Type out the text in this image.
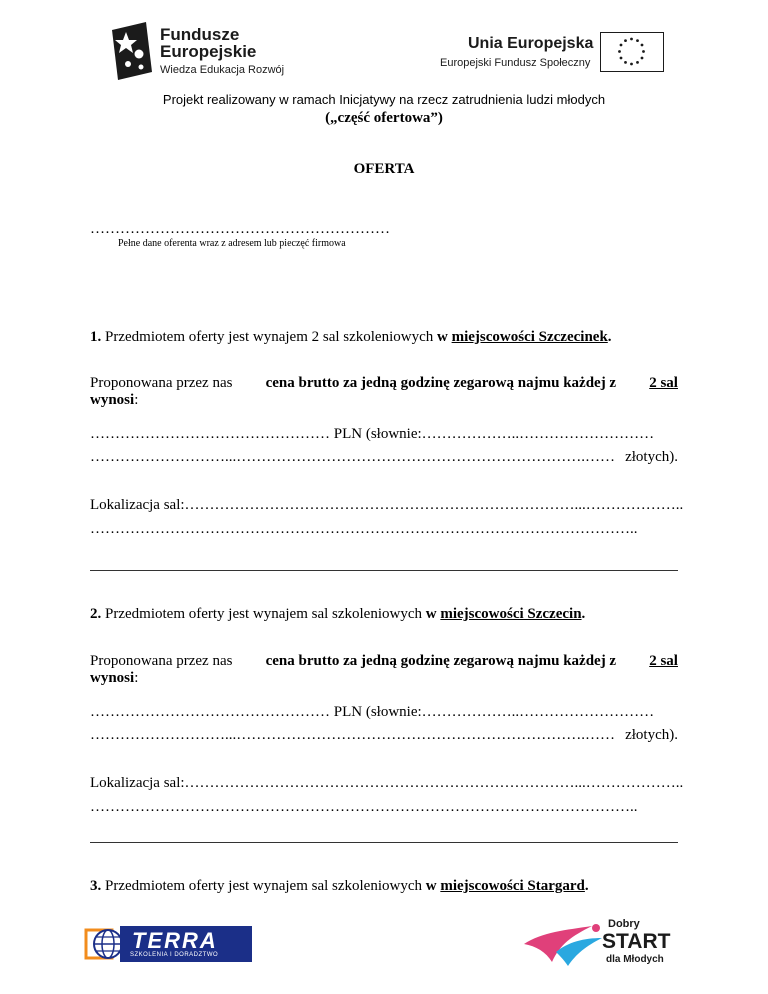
Fundusze
Europejskie
Wiedza Edukacja Rozwój
Unia Europejska
Europejski Fundusz Społeczny
Projekt realizowany w ramach Inicjatywy na rzecz zatrudnienia ludzi młodych
(„część ofertowa”)
OFERTA
……………………………………………………
Pełne dane oferenta wraz z adresem lub pieczęć firmowa
1. Przedmiotem oferty jest wynajem 2 sal szkoleniowych w miejscowości Szczecinek.
Proponowana przez nas cena brutto za jedną godzinę zegarową najmu każdej z 2 sal
wynosi:
………………………………………… PLN (słownie:………………..………………………
………………………...…………………………………………………………….…… złotych).
Lokalizacja sal:……………………………………………………………………...………………..
………………………………………………………………………………………………..
2. Przedmiotem oferty jest wynajem sal szkoleniowych w miejscowości Szczecin.
Proponowana przez nas cena brutto za jedną godzinę zegarową najmu każdej z 2 sal
wynosi:
………………………………………… PLN (słownie:………………..………………………
………………………...…………………………………………………………….…… złotych).
Lokalizacja sal:……………………………………………………………………...………………..
………………………………………………………………………………………………..
3. Przedmiotem oferty jest wynajem sal szkoleniowych w miejscowości Stargard.
TERRA
SZKOLENIA I DORADZTWO
Dobry
START
dla Młodych
